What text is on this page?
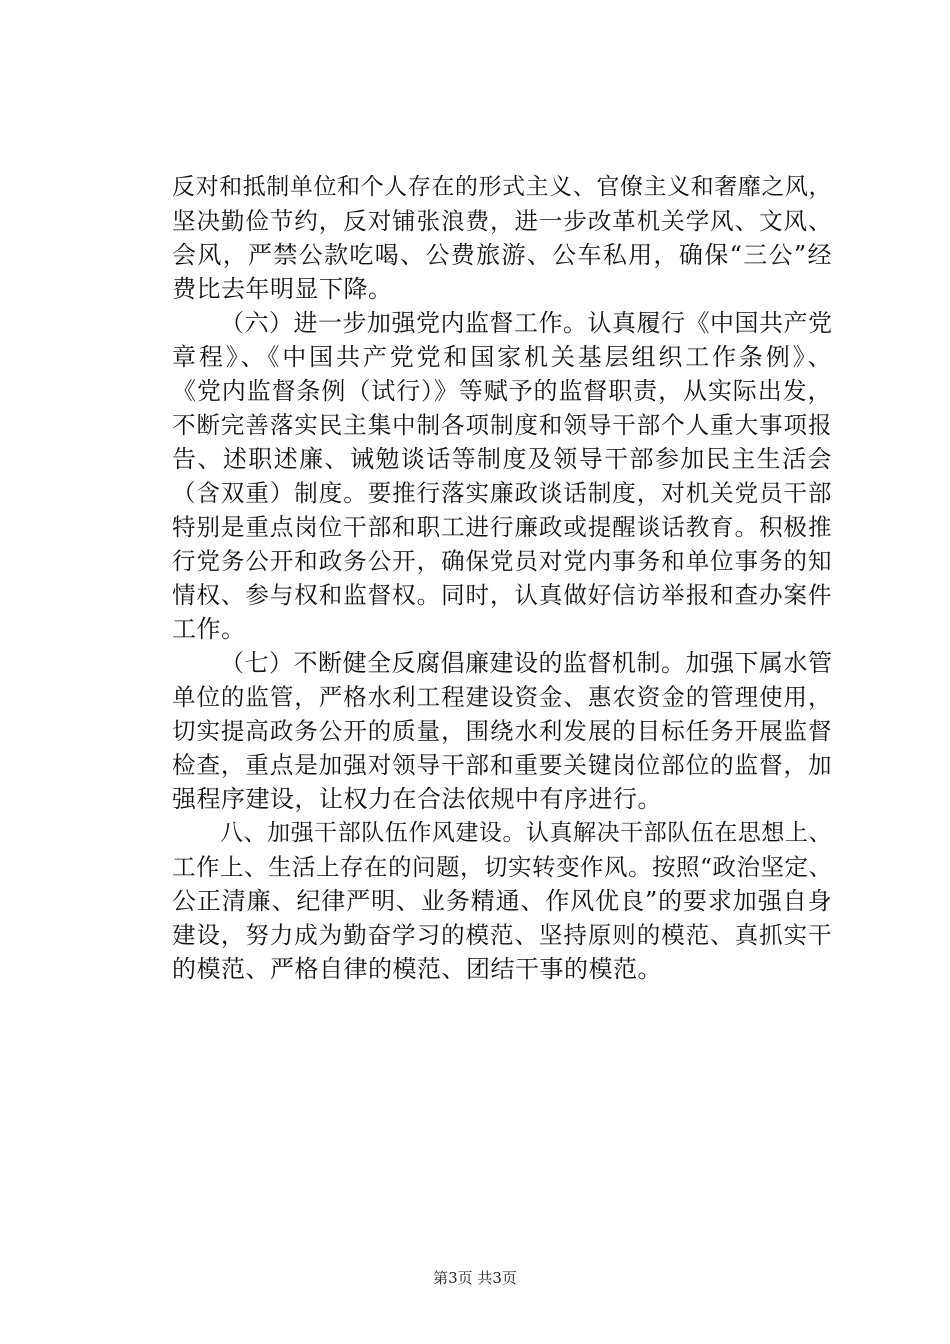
反对和抵制单位和个人存在的形式主义、官僚主义和奢靡之风，
坚决勤俭节约，反对铺张浪费，进一步改革机关学风、文风、
会风，严禁公款吃喝、公费旅游、公车私用，确保“三公”经
费比去年明显下降。
（六）进一步加强党内监督工作。认真履行《中国共产党
章程》、《中国共产党党和国家机关基层组织工作条例》、
《党内监督条例（试行）》等赋予的监督职责，从实际出发，
不断完善落实民主集中制各项制度和领导干部个人重大事项报
告、述职述廉、诫勉谈话等制度及领导干部参加民主生活会
（含双重）制度。要推行落实廉政谈话制度，对机关党员干部
特别是重点岗位干部和职工进行廉政或提醒谈话教育。积极推
行党务公开和政务公开，确保党员对党内事务和单位事务的知
情权、参与权和监督权。同时，认真做好信访举报和查办案件
工作。
（七）不断健全反腐倡廉建设的监督机制。加强下属水管
单位的监管，严格水利工程建设资金、惠农资金的管理使用，
切实提高政务公开的质量，围绕水利发展的目标任务开展监督
检查，重点是加强对领导干部和重要关键岗位部位的监督，加
强程序建设，让权力在合法依规中有序进行。
八、加强干部队伍作风建设。认真解决干部队伍在思想上、
工作上、生活上存在的问题，切实转变作风。按照“政治坚定、
公正清廉、纪律严明、业务精通、作风优良”的要求加强自身
建设，努力成为勤奋学习的模范、坚持原则的模范、真抓实干
的模范、严格自律的模范、团结干事的模范。
第3页 共3页
